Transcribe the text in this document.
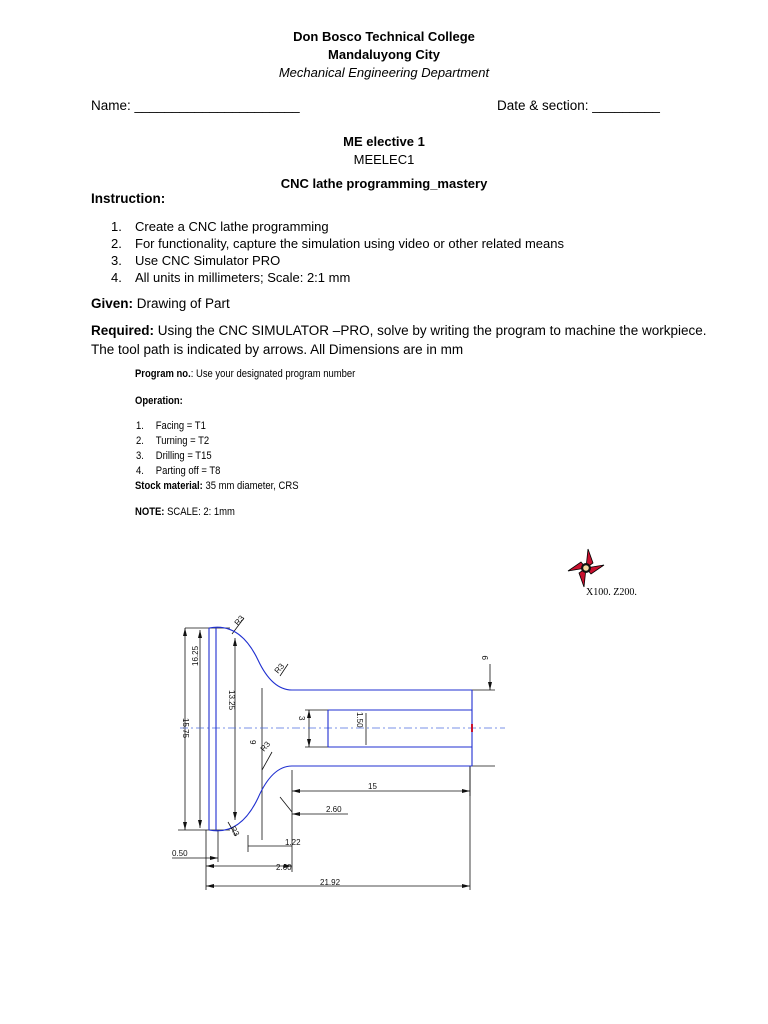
Don Bosco Technical College
Mandaluyong City
Mechanical Engineering Department
Name: ______________________	Date & section: _________
ME elective 1
MEELEC1
CNC lathe programming_mastery
Instruction:
1. Create a CNC lathe programming
2. For functionality, capture the simulation using video or other related means
3. Use CNC Simulator PRO
4. All units in millimeters; Scale: 2:1 mm
Given: Drawing of Part
Required: Using the CNC SIMULATOR –PRO, solve by writing the program to machine the workpiece.
The tool path is indicated by arrows. All Dimensions are in mm
Program no.: Use your designated program number
Operation:
1. Facing = T1
2. Turning = T2
3. Drilling = T15
4. Parting off = T8
Stock material: 35 mm diameter, CRS
NOTE: SCALE: 2: 1mm
X100. Z200.
16.25
15.75
13.25
9
9
3	1.50
R3
R3
R3
R3
15
2.60
1.22
0.50
2.60
21.92
